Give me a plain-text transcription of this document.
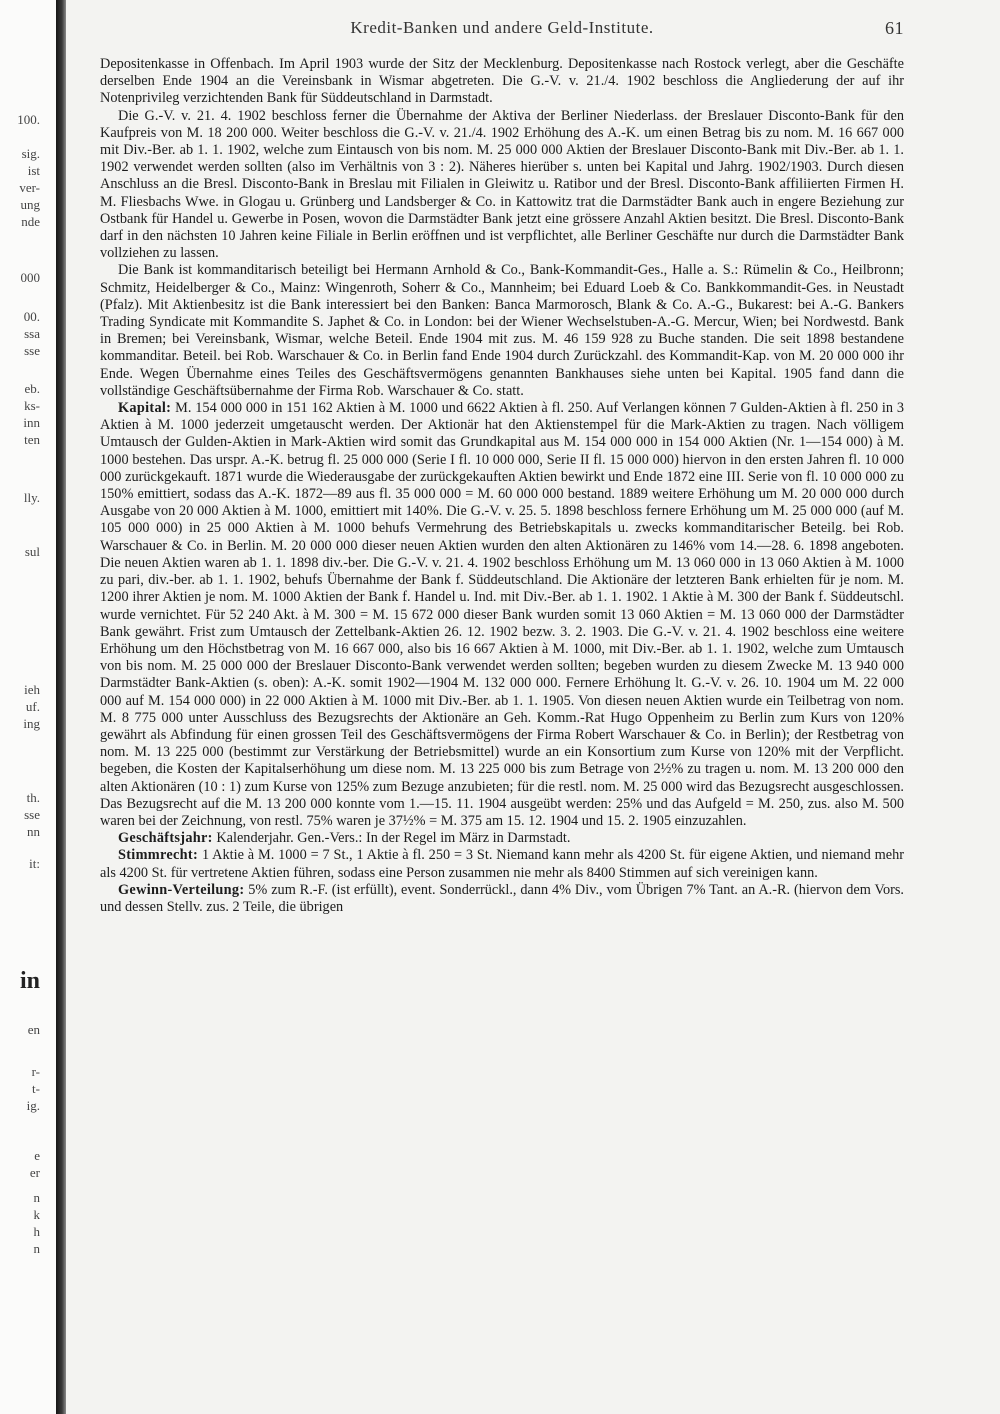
100.
sig.
ist
ver-
ung
nde
000
00.
ssa
sse
eb.
ks-
inn
ten
lly.
sul
ieh
uf.
ing
th.
sse
nn
it:
in
en
r-
t-
ig.
e
er
n
k
h
n
Kredit-Banken und andere Geld-Institute.	61

Depositenkasse in Offenbach. Im April 1903 wurde der Sitz der Mecklenburg. Depositenkasse nach Rostock verlegt, aber die Geschäfte derselben Ende 1904 an die Vereinsbank in Wismar abgetreten. Die G.-V. v. 21./4. 1902 beschloss die Angliederung der auf ihr Notenprivileg verzichtenden Bank für Süddeutschland in Darmstadt.

Die G.-V. v. 21. 4. 1902 beschloss ferner die Übernahme der Aktiva der Berliner Niederlass. der Breslauer Disconto-Bank für den Kaufpreis von M. 18 200 000. Weiter beschloss die G.-V. v. 21./4. 1902 Erhöhung des A.-K. um einen Betrag bis zu nom. M. 16 667 000 mit Div.-Ber. ab 1. 1. 1902, welche zum Eintausch von bis nom. M. 25 000 000 Aktien der Breslauer Disconto-Bank mit Div.-Ber. ab 1. 1. 1902 verwendet werden sollten (also im Verhältnis von 3 : 2). Näheres hierüber s. unten bei Kapital und Jahrg. 1902/1903. Durch diesen Anschluss an die Bresl. Disconto-Bank in Breslau mit Filialen in Gleiwitz u. Ratibor und der Bresl. Disconto-Bank affiliierten Firmen H. M. Fliesbachs Wwe. in Glogau u. Grünberg und Landsberger & Co. in Kattowitz trat die Darmstädter Bank auch in engere Beziehung zur Ostbank für Handel u. Gewerbe in Posen, wovon die Darmstädter Bank jetzt eine grössere Anzahl Aktien besitzt. Die Bresl. Disconto-Bank darf in den nächsten 10 Jahren keine Filiale in Berlin eröffnen und ist verpflichtet, alle Berliner Geschäfte nur durch die Darmstädter Bank vollziehen zu lassen.

Die Bank ist kommanditarisch beteiligt bei Hermann Arnhold & Co., Bank-Kommandit-Ges., Halle a. S.: Rümelin & Co., Heilbronn; Schmitz, Heidelberger & Co., Mainz: Wingenroth, Soherr & Co., Mannheim; bei Eduard Loeb & Co. Bankkommandit-Ges. in Neustadt (Pfalz). Mit Aktienbesitz ist die Bank interessiert bei den Banken: Banca Marmorosch, Blank & Co. A.-G., Bukarest: bei A.-G. Bankers Trading Syndicate mit Kommandite S. Japhet & Co. in London: bei der Wiener Wechselstuben-A.-G. Mercur, Wien; bei Nordwestd. Bank in Bremen; bei Vereinsbank, Wismar, welche Beteil. Ende 1904 mit zus. M. 46 159 928 zu Buche standen. Die seit 1898 bestandene kommanditar. Beteil. bei Rob. Warschauer & Co. in Berlin fand Ende 1904 durch Zurückzahl. des Kommandit-Kap. von M. 20 000 000 ihr Ende. Wegen Übernahme eines Teiles des Geschäftsvermögens genannten Bankhauses siehe unten bei Kapital. 1905 fand dann die vollständige Geschäftsübernahme der Firma Rob. Warschauer & Co. statt.

Kapital: M. 154 000 000 in 151 162 Aktien à M. 1000 und 6622 Aktien à fl. 250. Auf Verlangen können 7 Gulden-Aktien à fl. 250 in 3 Aktien à M. 1000 jederzeit umgetauscht werden. Der Aktionär hat den Aktienstempel für die Mark-Aktien zu tragen. Nach völligem Umtausch der Gulden-Aktien in Mark-Aktien wird somit das Grundkapital aus M. 154 000 000 in 154 000 Aktien (Nr. 1—154 000) à M. 1000 bestehen. Das urspr. A.-K. betrug fl. 25 000 000 (Serie I fl. 10 000 000, Serie II fl. 15 000 000) hiervon in den ersten Jahren fl. 10 000 000 zurückgekauft. 1871 wurde die Wiederausgabe der zurückgekauften Aktien bewirkt und Ende 1872 eine III. Serie von fl. 10 000 000 zu 150% emittiert, sodass das A.-K. 1872—89 aus fl. 35 000 000 = M. 60 000 000 bestand. 1889 weitere Erhöhung um M. 20 000 000 durch Ausgabe von 20 000 Aktien à M. 1000, emittiert mit 140%. Die G.-V. v. 25. 5. 1898 beschloss fernere Erhöhung um M. 25 000 000 (auf M. 105 000 000) in 25 000 Aktien à M. 1000 behufs Vermehrung des Betriebskapitals u. zwecks kommanditarischer Beteilg. bei Rob. Warschauer & Co. in Berlin. M. 20 000 000 dieser neuen Aktien wurden den alten Aktionären zu 146% vom 14.—28. 6. 1898 angeboten. Die neuen Aktien waren ab 1. 1. 1898 div.-ber. Die G.-V. v. 21. 4. 1902 beschloss Erhöhung um M. 13 060 000 in 13 060 Aktien à M. 1000 zu pari, div.-ber. ab 1. 1. 1902, behufs Übernahme der Bank f. Süddeutschland. Die Aktionäre der letzteren Bank erhielten für je nom. M. 1200 ihrer Aktien je nom. M. 1000 Aktien der Bank f. Handel u. Ind. mit Div.-Ber. ab 1. 1. 1902. 1 Aktie à M. 300 der Bank f. Süddeutschl. wurde vernichtet. Für 52 240 Akt. à M. 300 = M. 15 672 000 dieser Bank wurden somit 13 060 Aktien = M. 13 060 000 der Darmstädter Bank gewährt. Frist zum Umtausch der Zettelbank-Aktien 26. 12. 1902 bezw. 3. 2. 1903. Die G.-V. v. 21. 4. 1902 beschloss eine weitere Erhöhung um den Höchstbetrag von M. 16 667 000, also bis 16 667 Aktien à M. 1000, mit Div.-Ber. ab 1. 1. 1902, welche zum Umtausch von bis nom. M. 25 000 000 der Breslauer Disconto-Bank verwendet werden sollten; begeben wurden zu diesem Zwecke M. 13 940 000 Darmstädter Bank-Aktien (s. oben): A.-K. somit 1902—1904 M. 132 000 000. Fernere Erhöhung lt. G.-V. v. 26. 10. 1904 um M. 22 000 000 auf M. 154 000 000) in 22 000 Aktien à M. 1000 mit Div.-Ber. ab 1. 1. 1905. Von diesen neuen Aktien wurde ein Teilbetrag von nom. M. 8 775 000 unter Ausschluss des Bezugsrechts der Aktionäre an Geh. Komm.-Rat Hugo Oppenheim zu Berlin zum Kurs von 120% gewährt als Abfindung für einen grossen Teil des Geschäftsvermögens der Firma Robert Warschauer & Co. in Berlin); der Restbetrag von nom. M. 13 225 000 (bestimmt zur Verstärkung der Betriebsmittel) wurde an ein Konsortium zum Kurse von 120% mit der Verpflicht. begeben, die Kosten der Kapitalserhöhung um diese nom. M. 13 225 000 bis zum Betrage von 2½% zu tragen u. nom. M. 13 200 000 den alten Aktionären (10 : 1) zum Kurse von 125% zum Bezuge anzubieten; für die restl. nom. M. 25 000 wird das Bezugsrecht ausgeschlossen. Das Bezugsrecht auf die M. 13 200 000 konnte vom 1.—15. 11. 1904 ausgeübt werden: 25% und das Aufgeld = M. 250, zus. also M. 500 waren bei der Zeichnung, von restl. 75% waren je 37½% = M. 375 am 15. 12. 1904 und 15. 2. 1905 einzuzahlen.

Geschäftsjahr: Kalenderjahr. Gen.-Vers.: In der Regel im März in Darmstadt.

Stimmrecht: 1 Aktie à M. 1000 = 7 St., 1 Aktie à fl. 250 = 3 St. Niemand kann mehr als 4200 St. für eigene Aktien, und niemand mehr als 4200 St. für vertretene Aktien führen, sodass eine Person zusammen nie mehr als 8400 Stimmen auf sich vereinigen kann.

Gewinn-Verteilung: 5% zum R.-F. (ist erfüllt), event. Sonderrückl., dann 4% Div., vom Übrigen 7% Tant. an A.-R. (hiervon dem Vors. und dessen Stellv. zus. 2 Teile, die übrigen
